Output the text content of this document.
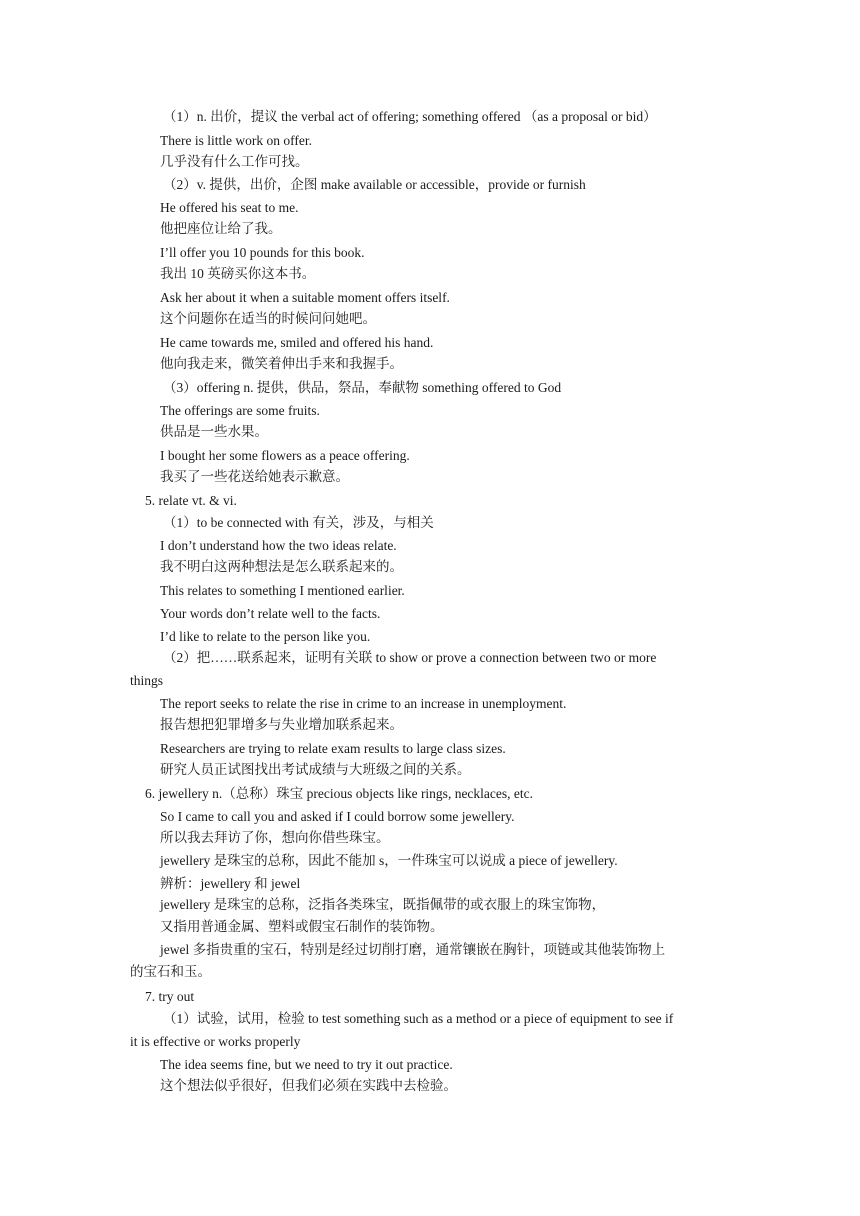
（1）n. 出价，提议 the verbal act of offering; something offered （as a proposal or bid）
There is little work on offer.
几乎没有什么工作可找。
（2）v. 提供，出价，企图 make available or accessible，provide or furnish
He offered his seat to me.
他把座位让给了我。
I’ll offer you 10 pounds for this book.
我出 10 英磅买你这本书。
Ask her about it when a suitable moment offers itself.
这个问题你在适当的时候问问她吧。
He came towards me, smiled and offered his hand.
他向我走来，微笑着伸出手来和我握手。
（3）offering n. 提供，供品，祭品，奉献物 something offered to God
The offerings are some fruits.
供品是一些水果。
I bought her some flowers as a peace offering.
我买了一些花送给她表示歉意。
5. relate vt. & vi.
（1）to be connected with 有关，涉及，与相关
I don’t understand how the two ideas relate.
我不明白这两种想法是怎么联系起来的。
This relates to something I mentioned earlier.
Your words don’t relate well to the facts.
I’d like to relate to the person like you.
（2）把……联系起来，证明有关联 to show or prove a connection between two or more
things
The report seeks to relate the rise in crime to an increase in unemployment.
报告想把犯罪增多与失业增加联系起来。
Researchers are trying to relate exam results to large class sizes.
研究人员正试图找出考试成绩与大班级之间的关系。
6. jewellery n.（总称）珠宝 precious objects like rings, necklaces, etc.
So I came to call you and asked if I could borrow some jewellery.
所以我去拜访了你，想向你借些珠宝。
jewellery 是珠宝的总称，因此不能加 s，一件珠宝可以说成 a piece of jewellery.
辨析：jewellery 和 jewel
jewellery 是珠宝的总称，泛指各类珠宝，既指佩带的或衣服上的珠宝饰物，
又指用普通金属、塑料或假宝石制作的装饰物。
jewel 多指贵重的宝石，特别是经过切削打磨，通常镶嵌在胸针，项链或其他装饰物上
的宝石和玉。
7. try out
（1）试验，试用，检验 to test something such as a method or a piece of equipment to see if
it is effective or works properly
The idea seems fine, but we need to try it out practice.
这个想法似乎很好，但我们必须在实践中去检验。
